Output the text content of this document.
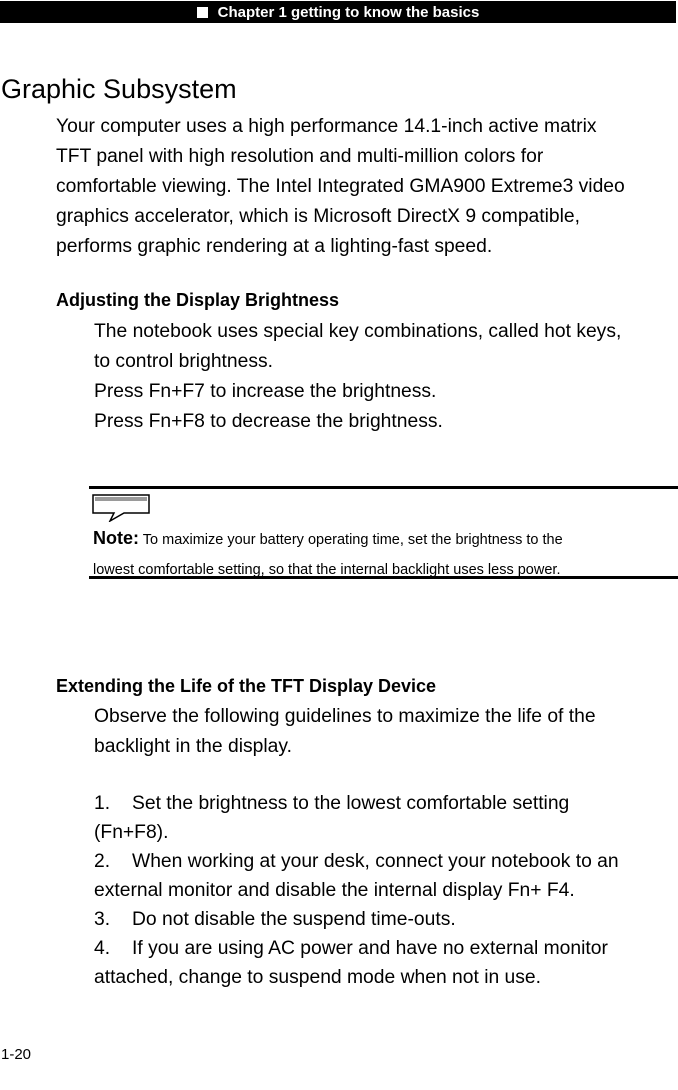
Chapter 1 getting to know the basics
Graphic Subsystem
Your computer uses a high performance 14.1-inch active matrix
TFT panel with high resolution and multi-million colors for
comfortable viewing. The Intel Integrated GMA900 Extreme3 video
graphics accelerator, which is Microsoft DirectX 9 compatible,
performs graphic rendering at a lighting-fast speed.
Adjusting the Display Brightness
The notebook uses special key combinations, called hot keys,
to control brightness.
Press Fn+F7 to increase the brightness.
Press Fn+F8 to decrease the brightness.
Note: To maximize your battery operating time, set the brightness to the
lowest comfortable setting, so that the internal backlight uses less power.
Extending the Life of the TFT Display Device
Observe the following guidelines to maximize the life of the
backlight in the display.
1. Set the brightness to the lowest comfortable setting
(Fn+F8).
2. When working at your desk, connect your notebook to an
external monitor and disable the internal display Fn+ F4.
3. Do not disable the suspend time-outs.
4. If you are using AC power and have no external monitor
attached, change to suspend mode when not in use.
1-20
